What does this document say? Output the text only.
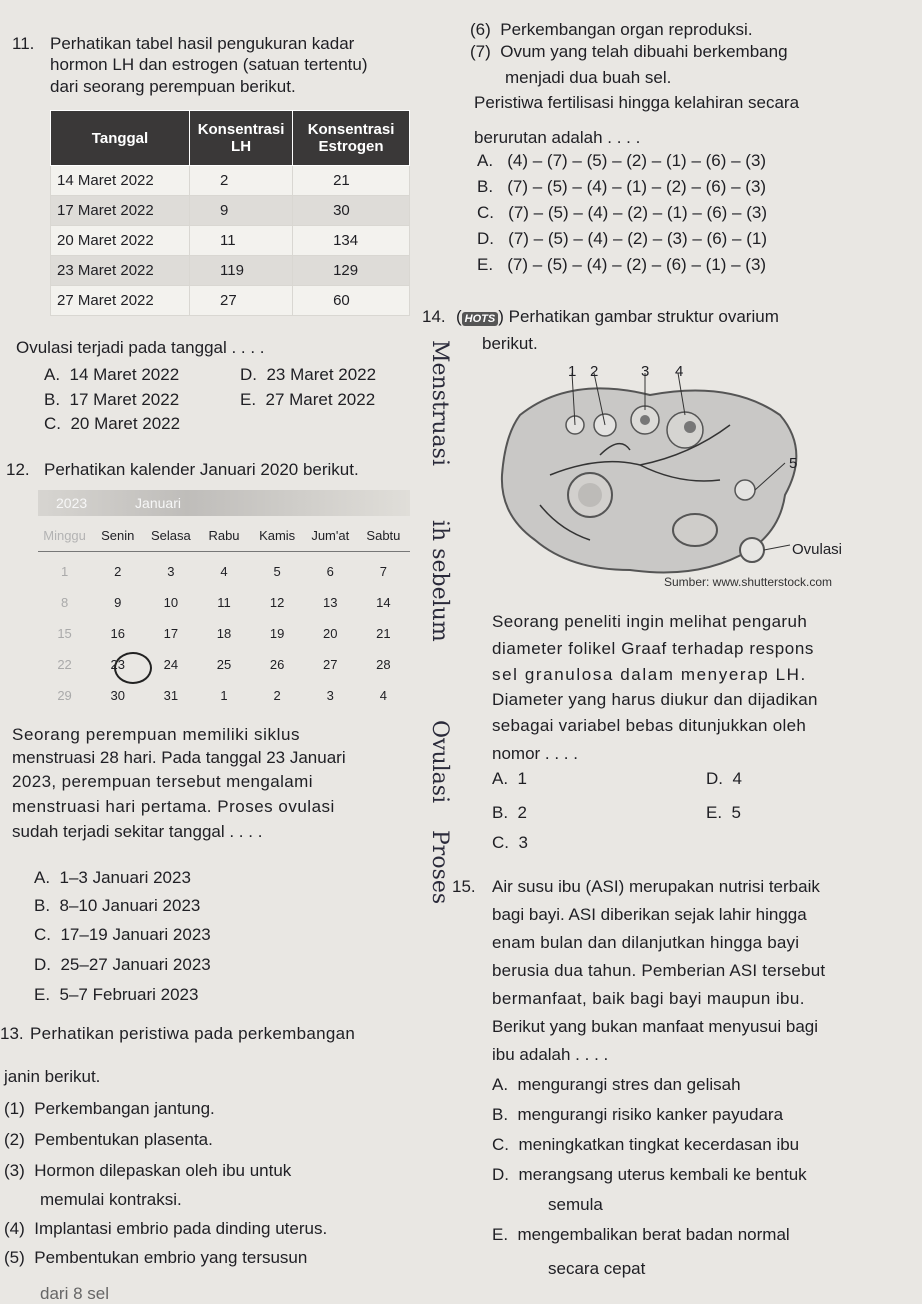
11. Perhatikan tabel hasil pengukuran kadar
hormon LH dan estrogen (satuan tertentu)
dari seorang perempuan berikut.
Tanggal	Konsentrasi LH	Konsentrasi Estrogen
14 Maret 2022	2	21
17 Maret 2022	9	30
20 Maret 2022	11	134
23 Maret 2022	119	129
27 Maret 2022	27	60
Ovulasi terjadi pada tanggal . . . .
A. 14 Maret 2022	D. 23 Maret 2022
B. 17 Maret 2022	E. 27 Maret 2022
C. 20 Maret 2022
12. Perhatikan kalender Januari 2020 berikut.
2023	Januari
Minggu	Senin	Selasa	Rabu	Kamis	Jum'at	Sabtu
1	2	3	4	5	6	7
8	9	10	11	12	13	14
15	16	17	18	19	20	21
22	23	24	25	26	27	28
29	30	31	1	2	3	4
Seorang perempuan memiliki siklus
menstruasi 28 hari. Pada tanggal 23 Januari
2023, perempuan tersebut mengalami
menstruasi hari pertama. Proses ovulasi
sudah terjadi sekitar tanggal . . . .
A. 1–3 Januari 2023
B. 8–10 Januari 2023
C. 17–19 Januari 2023
D. 25–27 Januari 2023
E. 5–7 Februari 2023
13. Perhatikan peristiwa pada perkembangan
janin berikut.
(1) Perkembangan jantung.
(2) Pembentukan plasenta.
(3) Hormon dilepaskan oleh ibu untuk
memulai kontraksi.
(4) Implantasi embrio pada dinding uterus.
(5) Pembentukan embrio yang tersusun
dari 8 sel
(6) Perkembangan organ reproduksi.
(7) Ovum yang telah dibuahi berkembang
menjadi dua buah sel.
Peristiwa fertilisasi hingga kelahiran secara
berurutan adalah . . . .
A. (4) – (7) – (5) – (2) – (1) – (6) – (3)
B. (7) – (5) – (4) – (1) – (2) – (6) – (3)
C. (7) – (5) – (4) – (2) – (1) – (6) – (3)
D. (7) – (5) – (4) – (2) – (3) – (6) – (1)
E. (7) – (5) – (4) – (2) – (6) – (1) – (3)
14. ( HOTS ) Perhatikan gambar struktur ovarium
berikut.
1 2	3 4
5
Ovulasi
Sumber: www.shutterstock.com
Seorang peneliti ingin melihat pengaruh
diameter folikel Graaf terhadap respons
sel granulosa dalam menyerap LH.
Diameter yang harus diukur dan dijadikan
sebagai variabel bebas ditunjukkan oleh
nomor . . . .
A. 1	D. 4
B. 2	E. 5
C. 3
15. Air susu ibu (ASI) merupakan nutrisi terbaik
bagi bayi. ASI diberikan sejak lahir hingga
enam bulan dan dilanjutkan hingga bayi
berusia dua tahun. Pemberian ASI tersebut
bermanfaat, baik bagi bayi maupun ibu.
Berikut yang bukan manfaat menyusui bagi
ibu adalah . . . .
A. mengurangi stres dan gelisah
B. mengurangi risiko kanker payudara
C. meningkatkan tingkat kecerdasan ibu
D. merangsang uterus kembali ke bentuk
semula
E. mengembalikan berat badan normal
secara cepat
Menstruasi
ih sebelum
Ovulasi
Proses
